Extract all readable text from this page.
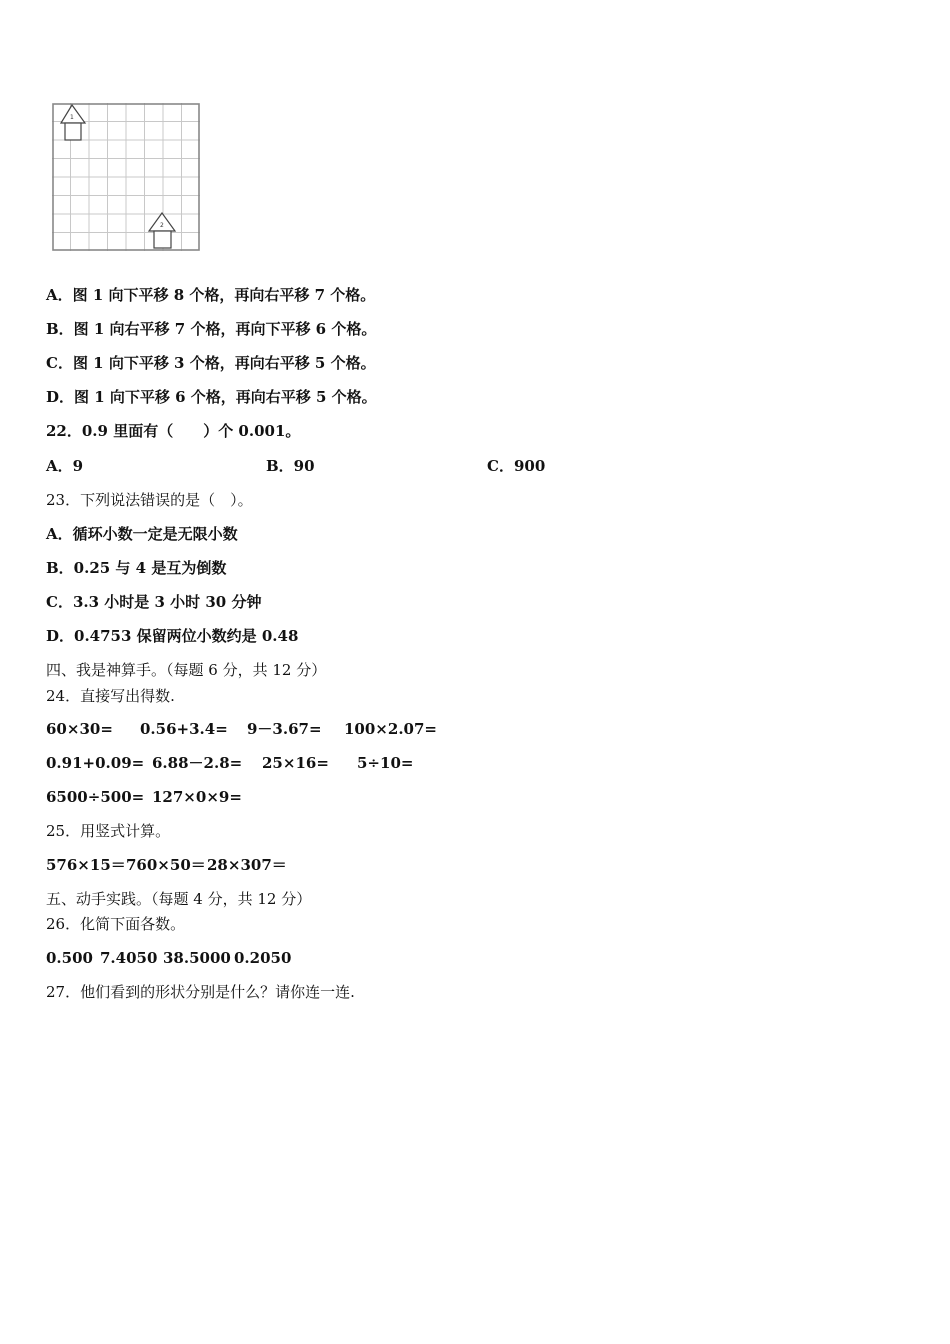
1
2
A．图 1 向下平移 8 个格，再向右平移 7 个格。
B．图 1 向右平移 7 个格，再向下平移 6 个格。
C．图 1 向下平移 3 个格，再向右平移 5 个格。
D．图 1 向下平移 6 个格，再向右平移 5 个格。
22．0.9 里面有（　　）个 0.001。
A．9	B．90	C．900
23．下列说法错误的是（　）。
A．循环小数一定是无限小数
B．0.25 与 4 是互为倒数
C．3.3 小时是 3 小时 30 分钟
D．0.4753 保留两位小数约是 0.48
四、我是神算手。（每题 6 分，共 12 分）
24．直接写出得数.
60×30= 0.56+3.4= 9－3.67= 100×2.07=
0.91+0.09= 6.88－2.8= 25×16= 5÷10=
6500÷500= 127×0×9=
25．用竖式计算。
576×15＝ 760×50＝ 28×307＝
五、动手实践。（每题 4 分，共 12 分）
26．化简下面各数。
0.500 7.4050 38.5000 0.2050
27．他们看到的形状分别是什么？请你连一连.
